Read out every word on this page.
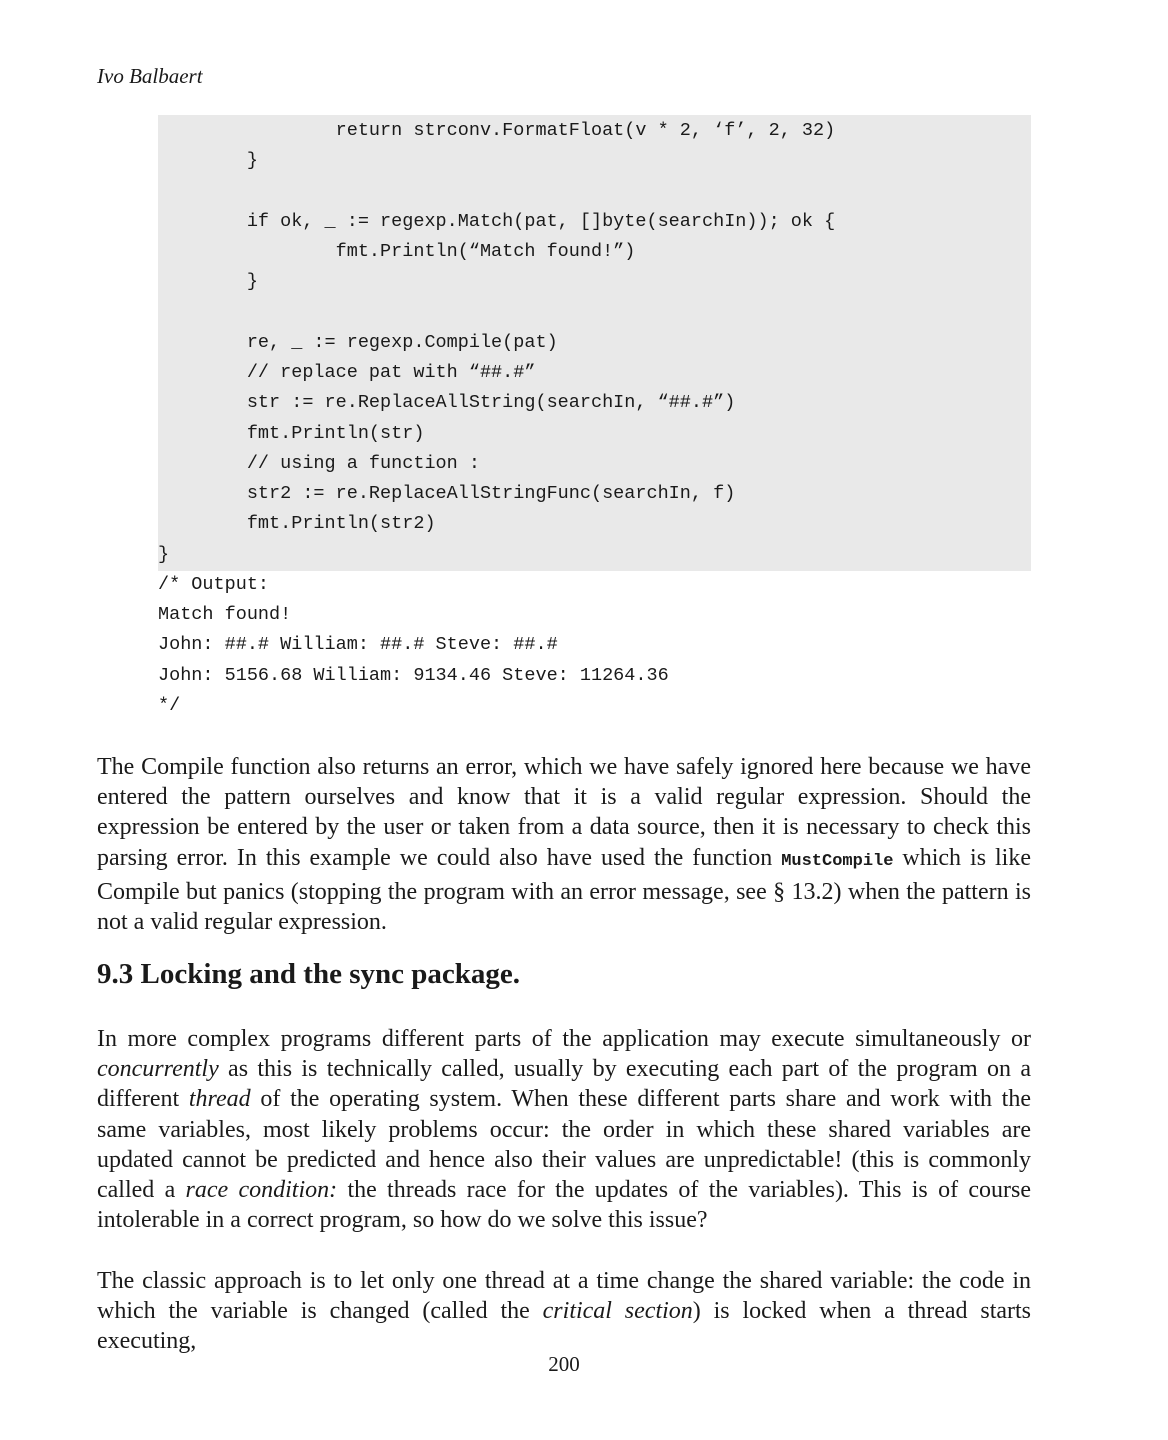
Ivo Balbaert
return strconv.FormatFloat(v * 2, ‘f’, 2, 32)
}
if ok, _ := regexp.Match(pat, []byte(searchIn)); ok {
fmt.Println(“Match found!”)
}
re, _ := regexp.Compile(pat)
// replace pat with “##.#”
str := re.ReplaceAllString(searchIn, “##.#”)
fmt.Println(str)
// using a function :
str2 := re.ReplaceAllStringFunc(searchIn, f)
fmt.Println(str2)
}
/* Output:
Match found!
John: ##.# William: ##.# Steve: ##.#
John: 5156.68 William: 9134.46 Steve: 11264.36
*/

The Compile function also returns an error, which we have safely ignored here because we have entered the pattern ourselves and know that it is a valid regular expression. Should the expression be entered by the user or taken from a data source, then it is necessary to check this parsing error. In this example we could also have used the function MustCompile which is like Compile but panics (stopping the program with an error message, see § 13.2) when the pattern is not a valid regular expression.

9.3 Locking and the sync package.

In more complex programs different parts of the application may execute simultaneously or concurrently as this is technically called, usually by executing each part of the program on a different thread of the operating system. When these different parts share and work with the same variables, most likely problems occur: the order in which these shared variables are updated cannot be predicted and hence also their values are unpredictable! (this is commonly called a race condition: the threads race for the updates of the variables). This is of course intolerable in a correct program, so how do we solve this issue?

The classic approach is to let only one thread at a time change the shared variable: the code in which the variable is changed (called the critical section) is locked when a thread starts executing,

200
